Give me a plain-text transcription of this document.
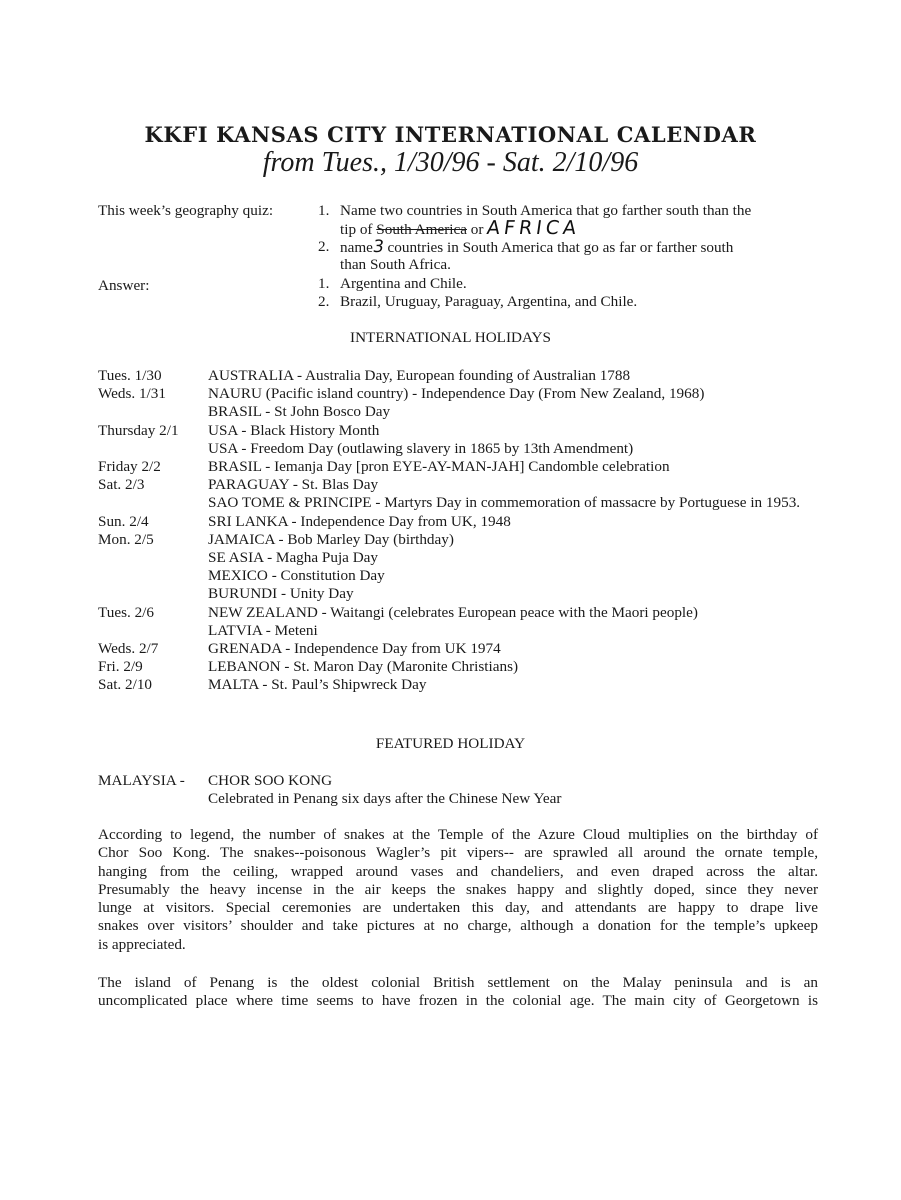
KKFI KANSAS CITY INTERNATIONAL CALENDAR
from Tues., 1/30/96 - Sat. 2/10/96
This week’s geography quiz:	1. Name two countries in South America that go farther south than the
tip of South America or AFRICA
2. name3 countries in South America that go as far or farther south
than South Africa.
Answer:	1. Argentina and Chile.
2. Brazil, Uruguay, Paraguay, Argentina, and Chile.
INTERNATIONAL HOLIDAYS
Tues. 1/30	AUSTRALIA - Australia Day, European founding of Australian 1788
Weds. 1/31	NAURU (Pacific island country) - Independence Day (From New Zealand, 1968)
BRASIL - St John Bosco Day
Thursday 2/1	USA - Black History Month
USA - Freedom Day (outlawing slavery in 1865 by 13th Amendment)
Friday 2/2	BRASIL - Iemanja Day [pron EYE-AY-MAN-JAH] Candomble celebration
Sat. 2/3	PARAGUAY - St. Blas Day
SAO TOME & PRINCIPE - Martyrs Day in commemoration of massacre by Portuguese in 1953.
Sun. 2/4	SRI LANKA - Independence Day from UK, 1948
Mon. 2/5	JAMAICA - Bob Marley Day (birthday)
SE ASIA - Magha Puja Day
MEXICO - Constitution Day
BURUNDI - Unity Day
Tues. 2/6	NEW ZEALAND - Waitangi (celebrates European peace with the Maori people)
LATVIA - Meteni
Weds. 2/7	GRENADA - Independence Day from UK 1974
Fri. 2/9	LEBANON - St. Maron Day (Maronite Christians)
Sat. 2/10	MALTA - St. Paul’s Shipwreck Day
FEATURED HOLIDAY
MALAYSIA - CHOR SOO KONG
Celebrated in Penang six days after the Chinese New Year
According to legend, the number of snakes at the Temple of the Azure Cloud multiplies on the birthday of
Chor Soo Kong. The snakes--poisonous Wagler’s pit vipers-- are sprawled all around the ornate temple,
hanging from the ceiling, wrapped around vases and chandeliers, and even draped across the altar.
Presumably the heavy incense in the air keeps the snakes happy and slightly doped, since they never
lunge at visitors. Special ceremonies are undertaken this day, and attendants are happy to drape live
snakes over visitors’ shoulder and take pictures at no charge, although a donation for the temple’s upkeep
is appreciated.
The island of Penang is the oldest colonial British settlement on the Malay peninsula and is an
uncomplicated place where time seems to have frozen in the colonial age. The main city of Georgetown is
